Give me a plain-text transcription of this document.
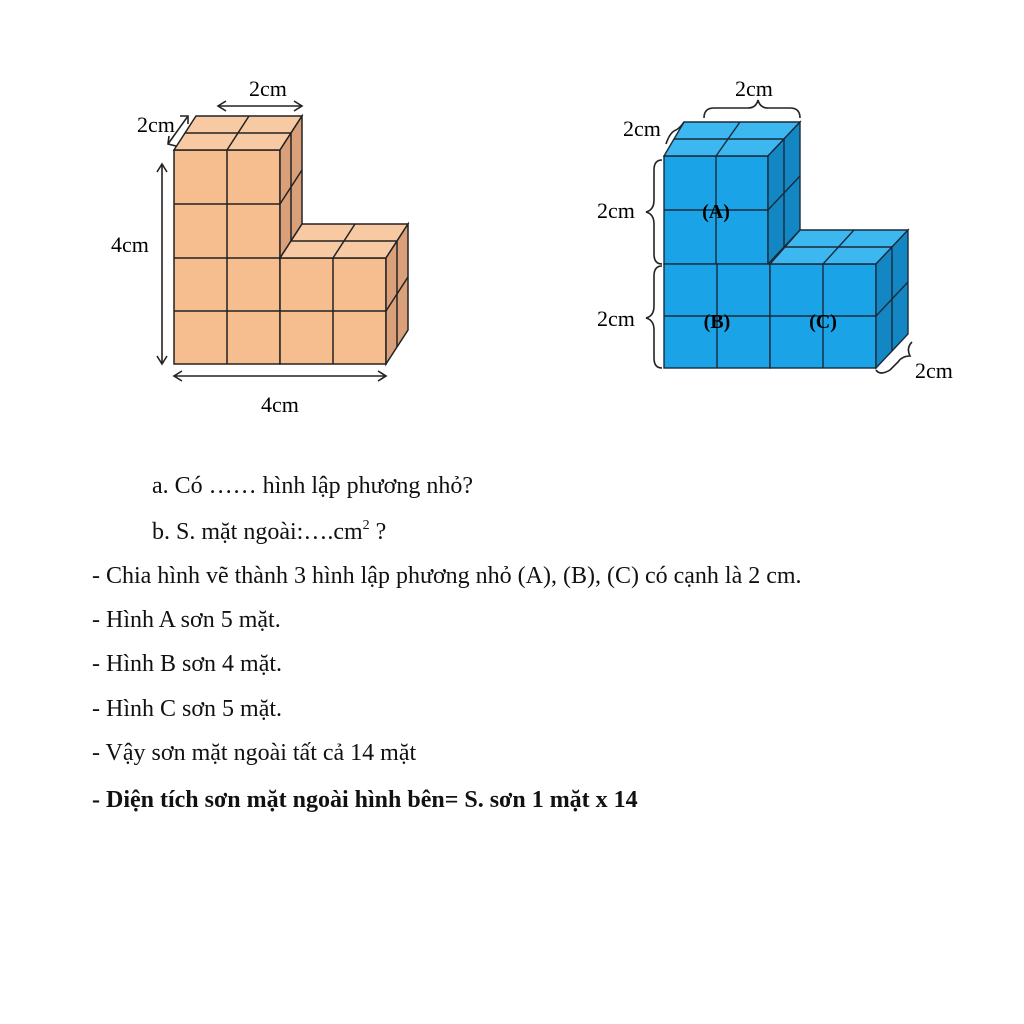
2cm
2cm
4cm
4cm
2cm
2cm
2cm
2cm
2cm
(A)
(B)	(C)
a. Có …… hình lập phương nhỏ?
b. S. mặt $ngoài:\dots.cm^2$ ?
- Chia hình vẽ thành 3 hình lập phương nhỏ (A), (B), (C) có cạnh là 2 cm.
- Hình A sơn 5 mặt.
- Hình B sơn 4 mặt.
- Hình C sơn 5 mặt.
- Vậy sơn mặt ngoài tất cả 14 mặt
- Diện tích sơn mặt ngoài hình bên= S. sơn 1 mặt x 14
